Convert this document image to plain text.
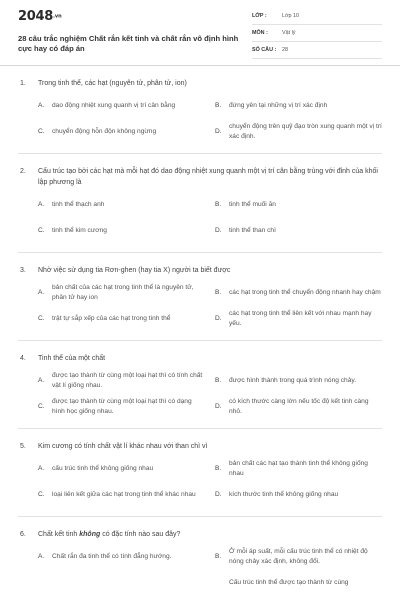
2048.vn
28 câu trắc nghiệm Chất rắn kết tinh và chất rắn vô định hình cực hay có đáp án
LỚP :	Lớp 10
MÔN :	Vật lý
SỐ CÂU :	28
1.	Trong tinh thể, các hạt (nguyên tử, phân tử, ion)
A.	dao động nhiệt xung quanh vị trí cân bằng	B.	đứng yên tại những vị trí xác định
C.	chuyển động hỗn độn không ngừng	D.
chuyển động trên quỹ đạo tròn xung quanh một vị trí xác định.
2.	Cấu trúc tạo bởi các hạt mà mỗi hạt đó dao động nhiệt xung quanh một vị trí cân bằng trùng với đỉnh của khối lập phương là
A.	tinh thể thạch anh	B.	tinh thể muối ăn
C.	tinh thể kim cương	D.	tinh thể than chì
3.	Nhờ việc sử dụng tia Rơn-ghen (hay tia X) người ta biết được
A.
bản chất của các hạt trong tinh thể là nguyên tử, phân tử hay ion
B.	các hạt trong tinh thể chuyển động nhanh hay chậm
C.	trật tự sắp xếp của các hạt trong tinh thể	D.
các hạt trong tinh thể liên kết với nhau mạnh hay yếu.
4.	Tinh thể của một chất
A.
được tạo thành từ cùng một loại hạt thì có tính chất vật lí giống nhau.
B.	được hình thành trong quá trình nóng chảy.
C.
được tạo thành từ cùng một loại hạt thì có dạng hình học giống nhau.
D.
có kích thước càng lớn nếu tốc độ kết tinh càng nhỏ.
5.	Kim cương có tính chất vật lí khác nhau với than chì vì
A.	cấu trúc tinh thể không giống nhau	B.
bản chất các hạt tạo thành tinh thể không giống nhau
C.	loại liên kết giữa các hạt trong tinh thể khác nhau	D.	kích thước tinh thể không giống nhau
6.	Chất kết tinh không có đặc tính nào sau đây?
A.	Chất rắn đa tinh thể có tính đẳng hướng.	B.
Ở mỗi áp suất, mỗi cấu trúc tinh thể có nhiệt độ nóng chảy xác định, không đổi.
Cấu trúc tinh thể được tạo thành từ cùng
